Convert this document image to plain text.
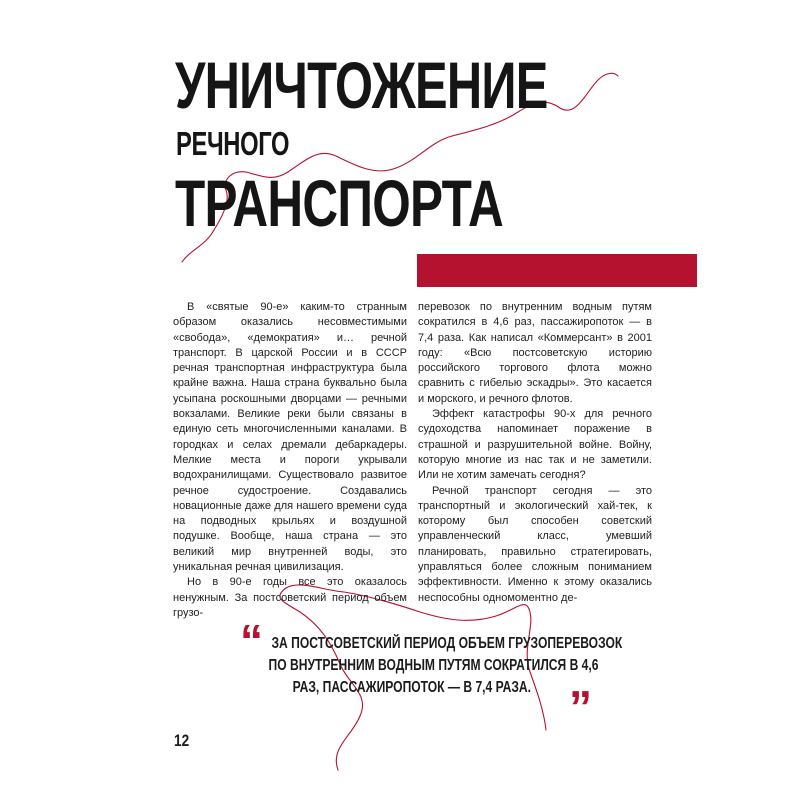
УНИЧТОЖЕНИЕ
РЕЧНОГО
ТРАНСПОРТА

В «святые 90-е» каким-то странным образом оказались несовместимыми «свобода», «демократия» и… речной транспорт. В царской России и в СССР речная транспортная инфраструктура была крайне важна. Наша страна буквально была усыпана роскошными дворцами — речными вокзалами. Великие реки были связаны в единую сеть многочисленными каналами. В городках и селах дремали дебаркадеры. Мелкие места и пороги укрывали водохранилищами. Существовало развитое речное судостроение. Создавались новационные даже для нашего времени суда на подводных крыльях и воздушной подушке. Вообще, наша страна — это великий мир внутренней воды, это уникальная речная цивилизация.

Но в 90-е годы все это оказалось ненужным. За постсоветский период объем грузо-

перевозок по внутренним водным путям сократился в 4,6 раз, пассажиропоток — в 7,4 раза. Как написал «Коммерсант» в 2001 году: «Всю постсоветскую историю российского торгового флота можно сравнить с гибелью эскадры». Это касается и морского, и речного флотов.

Эффект катастрофы 90-х для речного судоходства напоминает поражение в страшной и разрушительной войне. Войну, которую многие из нас так и не заметили. Или не хотим замечать сегодня?

Речной транспорт сегодня — это транспортный и экологический хай-тек, к которому был способен советский управленческий класс, умевший планировать, правильно стратегировать, управляться более сложным пониманием эффективности. Именно к этому оказались неспособны одномоментно де-

“ ЗА ПОСТСОВЕТСКИЙ ПЕРИОД ОБЪЕМ ГРУЗОПЕРЕВОЗОК
ПО ВНУТРЕННИМ ВОДНЫМ ПУТЯМ СОКРАТИЛСЯ В 4,6
РАЗ, ПАССАЖИРОПОТОК — В 7,4 РАЗА. ”

12
